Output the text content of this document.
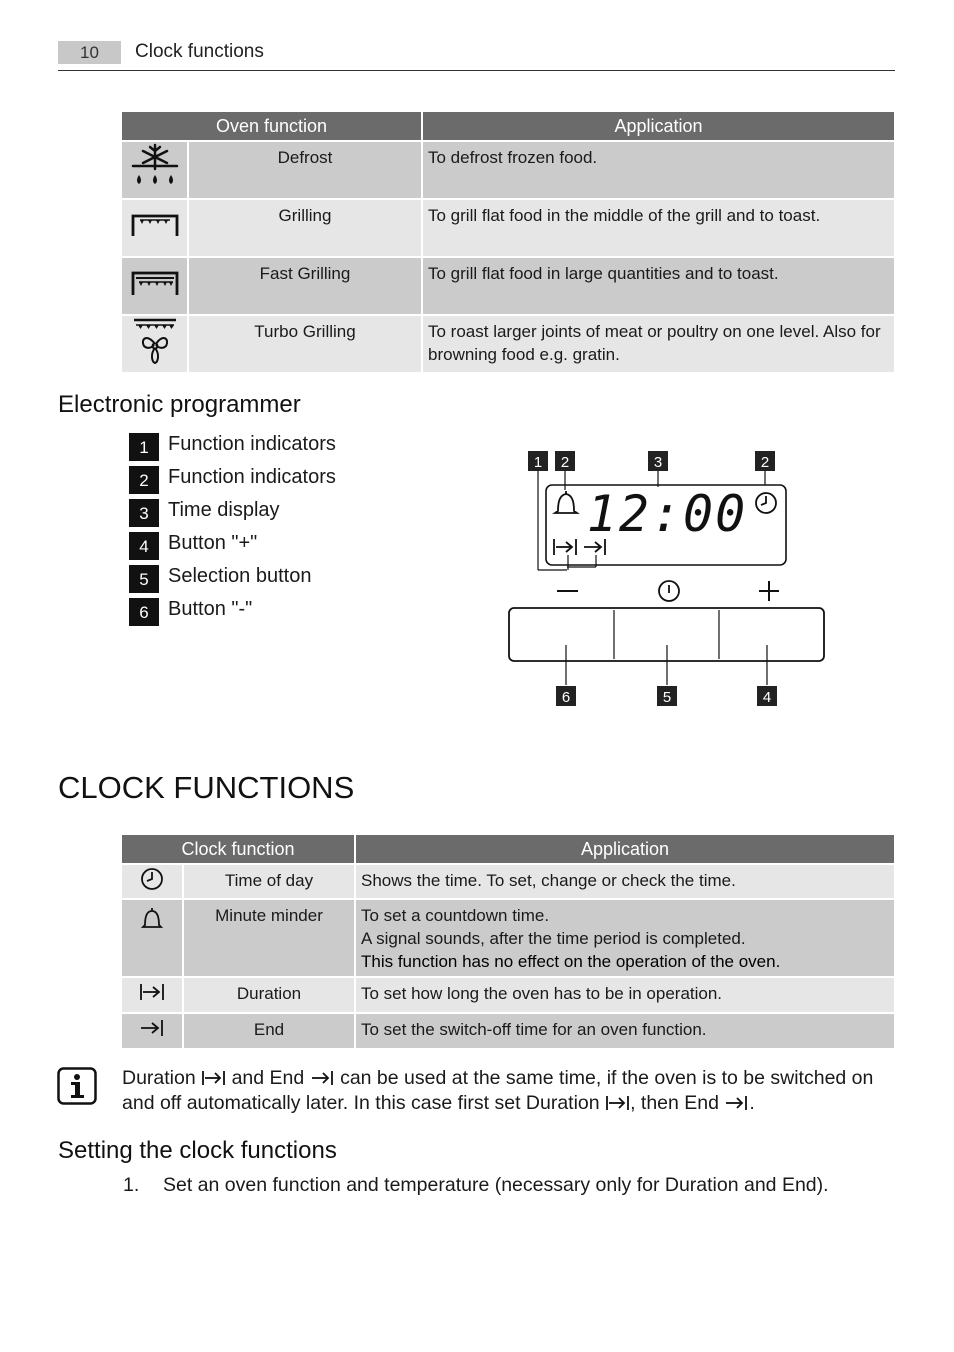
10	Clock functions
Oven function		Application
	Defrost	To defrost frozen food.
	Grilling	To grill flat food in the middle of the grill and to toast.
	Fast Grilling	To grill flat food in large quantities and to toast.
	Turbo Grilling	To roast larger joints of meat or poultry on one level. Also for browning food e.g. gratin.
Electronic programmer
1 Function indicators
2 Function indicators
3 Time display
4 Button "+"
5 Selection button
6 Button "-"
1 2	3	2
12:00
6	5	4
CLOCK FUNCTIONS
Clock function		Application
	Time of day	Shows the time. To set, change or check the time.

	Minute minder	To set a countdown time.
A signal sounds, after the time period is completed.
This function has no effect on the operation of the oven.

	Duration	To set how long the oven has to be in operation.

	End	To set the switch-off time for an oven function.
Duration and End can be used at the same time, if the oven is to be switched on and off automatically later. In this case first set Duration , then End .
Setting the clock functions
1. Set an oven function and temperature (necessary only for Duration and End).
